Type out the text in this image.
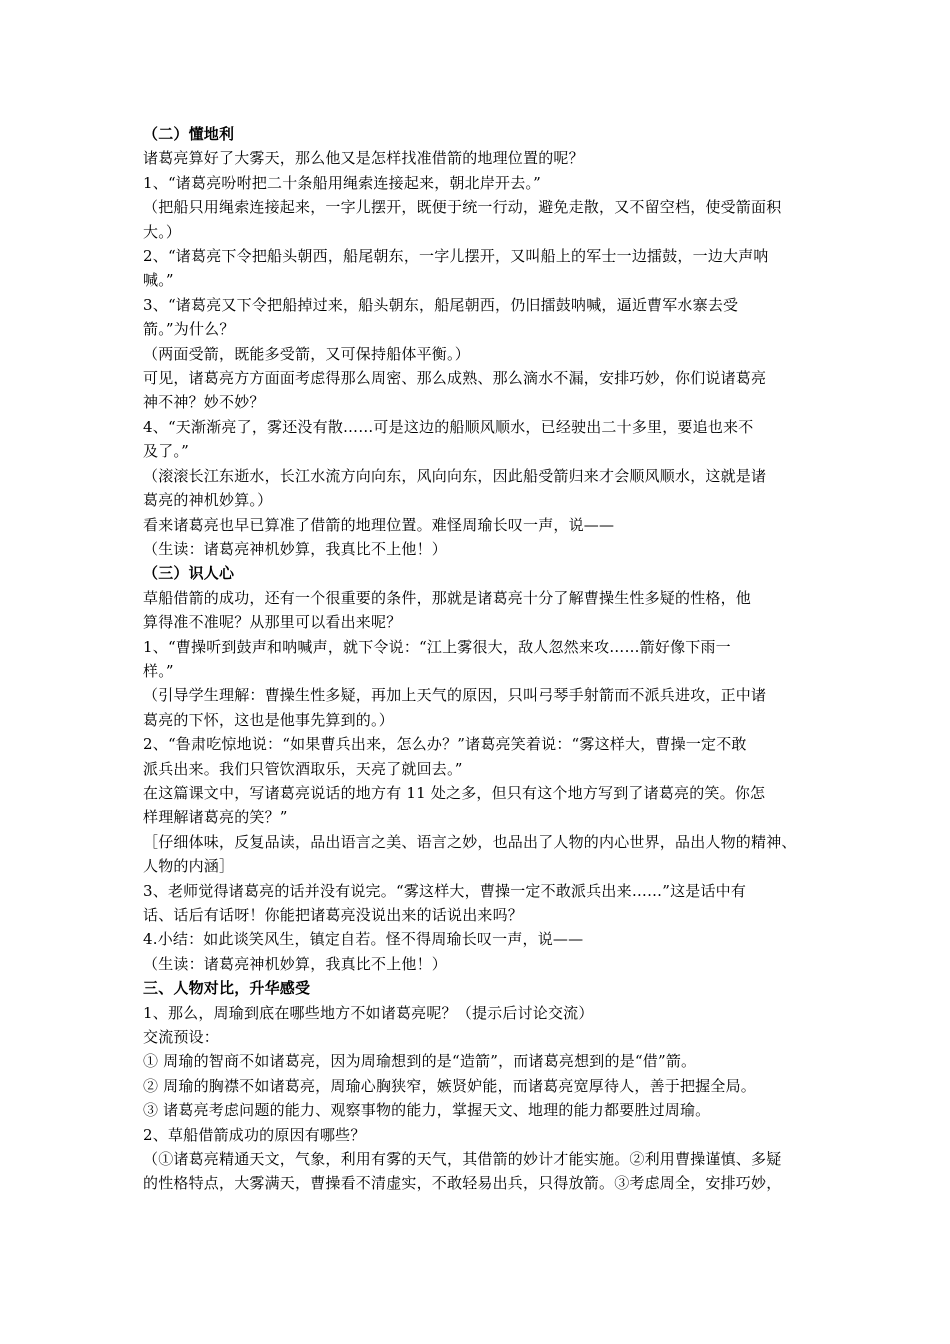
（二）懂地利
诸葛亮算好了大雾天，那么他又是怎样找准借箭的地理位置的呢？
1、“诸葛亮吩咐把二十条船用绳索连接起来，朝北岸开去。”
（把船只用绳索连接起来，一字儿摆开，既便于统一行动，避免走散，又不留空档，使受箭面积
大。）
2、“诸葛亮下令把船头朝西，船尾朝东，一字儿摆开，又叫船上的军士一边擂鼓，一边大声呐
喊。”
3、“诸葛亮又下令把船掉过来，船头朝东，船尾朝西，仍旧擂鼓呐喊，逼近曹军水寨去受
箭。”为什么？
（两面受箭，既能多受箭，又可保持船体平衡。）
可见，诸葛亮方方面面考虑得那么周密、那么成熟、那么滴水不漏，安排巧妙，你们说诸葛亮
神不神？妙不妙？
4、“天渐渐亮了，雾还没有散……可是这边的船顺风顺水，已经驶出二十多里，要追也来不
及了。”
（滚滚长江东逝水，长江水流方向向东，风向向东，因此船受箭归来才会顺风顺水，这就是诸
葛亮的神机妙算。）
看来诸葛亮也早已算准了借箭的地理位置。难怪周瑜长叹一声，说——
（生读：诸葛亮神机妙算，我真比不上他！）
（三）识人心
草船借箭的成功，还有一个很重要的条件，那就是诸葛亮十分了解曹操生性多疑的性格，他
算得准不准呢？从那里可以看出来呢？
1、“曹操听到鼓声和呐喊声，就下令说：“江上雾很大，敌人忽然来攻……箭好像下雨一
样。”
（引导学生理解：曹操生性多疑，再加上天气的原因，只叫弓琴手射箭而不派兵进攻，正中诸
葛亮的下怀，这也是他事先算到的。）
2、“鲁肃吃惊地说：“如果曹兵出来，怎么办？”诸葛亮笑着说：“雾这样大，曹操一定不敢
派兵出来。我们只管饮酒取乐，天亮了就回去。”
在这篇课文中，写诸葛亮说话的地方有 11 处之多，但只有这个地方写到了诸葛亮的笑。你怎
样理解诸葛亮的笑？”
［仔细体味，反复品读，品出语言之美、语言之妙，也品出了人物的内心世界，品出人物的精神、
人物的内涵］
3、老师觉得诸葛亮的话并没有说完。“雾这样大，曹操一定不敢派兵出来……”这是话中有
话、话后有话呀！你能把诸葛亮没说出来的话说出来吗？
4.小结：如此谈笑风生，镇定自若。怪不得周瑜长叹一声，说——
（生读：诸葛亮神机妙算，我真比不上他！）
三、人物对比，升华感受
1、那么，周瑜到底在哪些地方不如诸葛亮呢？（提示后讨论交流）
交流预设：
① 周瑜的智商不如诸葛亮，因为周瑜想到的是“造箭”，而诸葛亮想到的是“借”箭。
② 周瑜的胸襟不如诸葛亮，周瑜心胸狭窄，嫉贤妒能，而诸葛亮宽厚待人，善于把握全局。
③ 诸葛亮考虑问题的能力、观察事物的能力，掌握天文、地理的能力都要胜过周瑜。
2、草船借箭成功的原因有哪些？
（①诸葛亮精通天文，气象，利用有雾的天气，其借箭的妙计才能实施。②利用曹操谨慎、多疑
的性格特点，大雾满天，曹操看不清虚实，不敢轻易出兵，只得放箭。③考虑周全，安排巧妙，
